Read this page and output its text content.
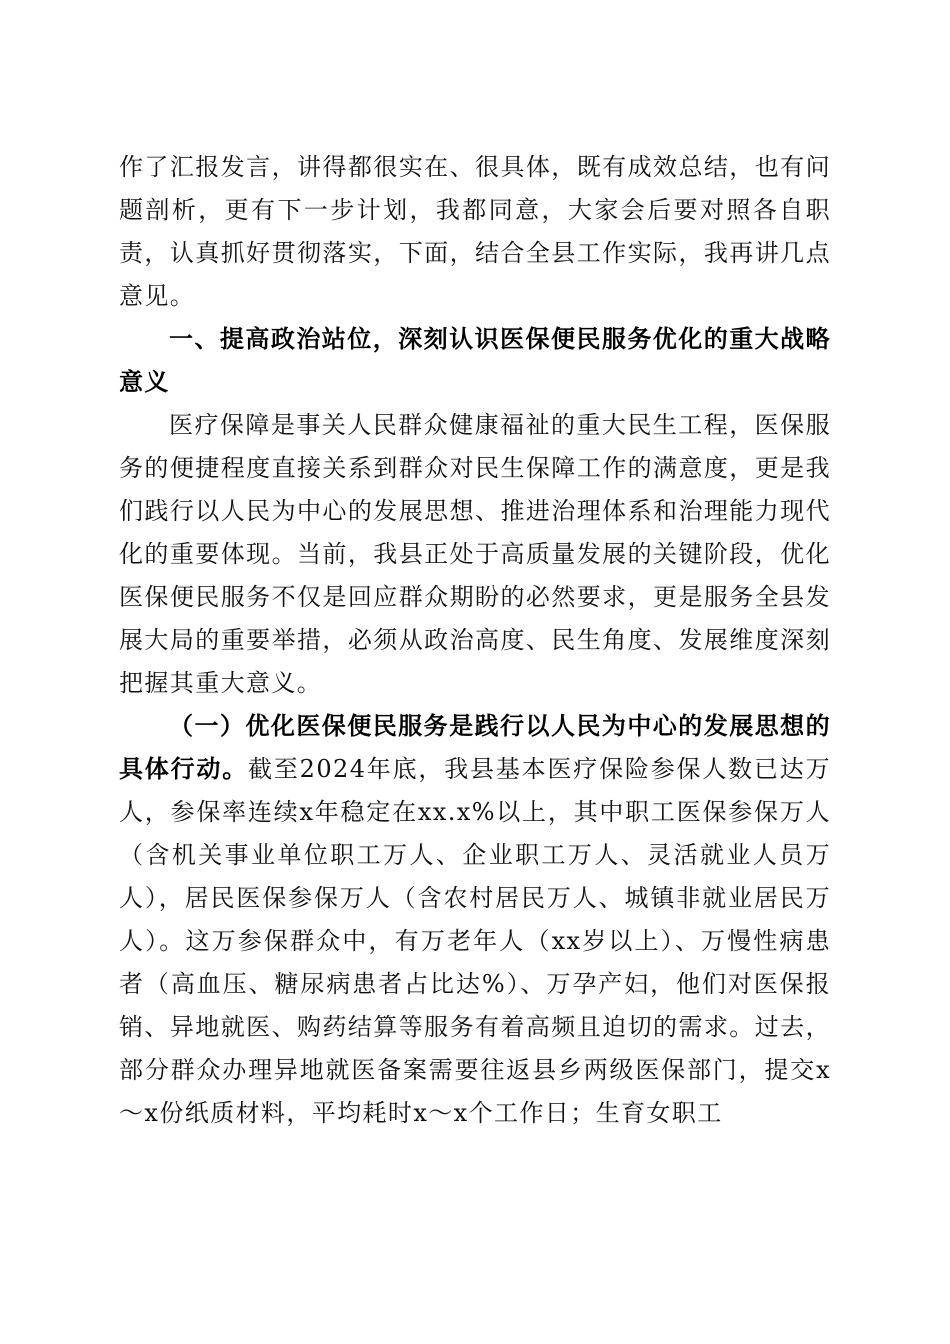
作了汇报发言，讲得都很实在、很具体，既有成效总结，也有问题剖析，更有下一步计划，我都同意，大家会后要对照各自职责，认真抓好贯彻落实，下面，结合全县工作实际，我再讲几点意见。

一、提高政治站位，深刻认识医保便民服务优化的重大战略意义

医疗保障是事关人民群众健康福祉的重大民生工程，医保服务的便捷程度直接关系到群众对民生保障工作的满意度，更是我们践行以人民为中心的发展思想、推进治理体系和治理能力现代化的重要体现。当前，我县正处于高质量发展的关键阶段，优化医保便民服务不仅是回应群众期盼的必然要求，更是服务全县发展大局的重要举措，必须从政治高度、民生角度、发展维度深刻把握其重大意义。

（一）优化医保便民服务是践行以人民为中心的发展思想的具体行动。截至2024年底，我县基本医疗保险参保人数已达万人，参保率连续x年稳定在xx.x%以上，其中职工医保参保万人（含机关事业单位职工万人、企业职工万人、灵活就业人员万人），居民医保参保万人（含农村居民万人、城镇非就业居民万人）。这万参保群众中，有万老年人（xx岁以上）、万慢性病患者（高血压、糖尿病患者占比达%）、万孕产妇，他们对医保报销、异地就医、购药结算等服务有着高频且迫切的需求。过去，部分群众办理异地就医备案需要往返县乡两级医保部门，提交x～x份纸质材料，平均耗时x～x个工作日；生育女职工
